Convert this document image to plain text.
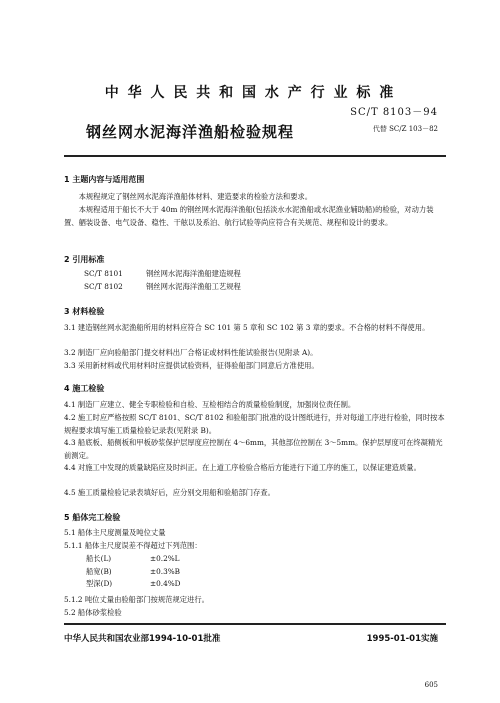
中 华 人 民 共 和 国 水 产 行 业 标 准
SC/T 8103－94
钢丝网水泥海洋渔船检验规程	代替 SC/Z 103－82
1 主题内容与适用范围
本规程规定了钢丝网水泥海洋渔船体材料、建造要求的检验方法和要求。
本规程适用于船长不大于 40m 的钢丝网水泥海洋渔船(包括淡水水泥渔船或水泥渔业辅助船)的检验，对动力装置、舾装设备、电气设备、稳性、干舷以及系泊、航行试验等尚应符合有关规范、规程和设计的要求。
2 引用标准
SC/T 8101	钢丝网水泥海洋渔船建造规程
SC/T 8102	钢丝网水泥海洋渔船工艺规程
3 材料检验
3.1 建造钢丝网水泥渔船所用的材料应符合 SC 101 第 5 章和 SC 102 第 3 章的要求。不合格的材料不得使用。
3.2 制造厂应向验船部门提交材料出厂合格证或材料性能试验报告(见附录 A)。
3.3 采用新材料或代用材料时应提供试验资料，征得验船部门同意后方准使用。
4 施工检验
4.1 制造厂应建立、健全专职检验和自检、互检相结合的质量检验制度，加强岗位责任制。
4.2 施工时应严格按照 SC/T 8101、SC/T 8102 和验船部门批准的设计图纸进行，并对每道工序进行检验，同时按本规程要求填写施工质量检验记录表(见附录 B)。
4.3 船底板、船侧板和甲板砂浆保护层厚度应控制在 4～6mm，其他部位控制在 3～5mm。保护层厚度可在终凝精光前测定。
4.4 对施工中发现的质量缺陷应及时纠正。在上道工序检验合格后方能进行下道工序的施工，以保证建造质量。
4.5 施工质量检验记录表填好后，应分别交用船和验船部门存查。
5 船体完工检验
5.1 船体主尺度测量及吨位丈量
5.1.1 船体主尺度误差不得超过下列范围：
船长(L)	±0.2%L
船宽(B)	±0.3%B
型深(D)	±0.4%D
5.1.2 吨位丈量由验船部门按规范规定进行。
5.2 船体砂浆检验
中华人民共和国农业部1994-10-01批准	1995-01-01实施
605
